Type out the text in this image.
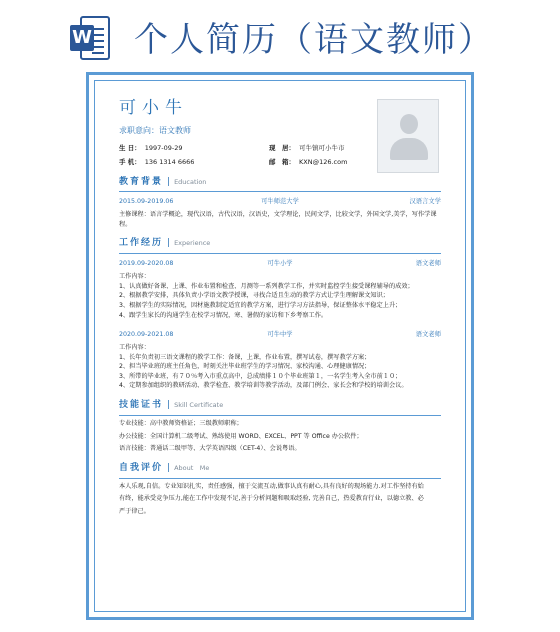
W 个人简历（语文教师）
可小牛
求职意向：语文教师
生 日： 1997-09-29	现　居： 可牛镇可小牛市
手 机： 136 1314 6666	邮　箱： KXN@126.com
教育背景 | Education
2015.09-2019.06	可牛师范大学	汉语言文学
主修课程：语言学概论，现代汉语，古代汉语，汉语史，文学理论，民间文学，比较文学，外国文学,美学，写作学课程。
工作经历 | Experience
2019.09-2020.08	可牛小学	语文老师
工作内容：
1、认真做好备课、上课、作业布置和检查、月测等一系列教学工作，并实时监控学生接受课程辅导的成效；
2、根据教学安排，具体负责小学语文教学授课，寻找合适且生动的教学方式让学生理解课文知识；
3、根据学生的实际情况，因材施教制定适宜的教学方案，进行学习方法指导，保证整体水平稳定上升；
4、跟学生家长的沟通学生在校学习情况，寒、暑假的家访和下乡考察工作。
2020.09-2021.08	可牛中学	语文老师
工作内容：
1、长年负责初三语文课程的教学工作：备课，上课，作业布置，撰写试卷，撰写教学方案；
2、担当毕业班的班主任角色，时刻关注毕业班学生的学习情况、家校沟通、心理健康情况；
3、所带的毕业班，有７０％考入市重点高中，总成绩排１０个毕业班第１，一名学生考入全市前１０；
4、定期参加组织的教研活动、教学检查、教学培训等教学活动，及部门例会、家长会和学校的培训会议。
技能证书 | Skill Certificate
专业技能：高中教师资格证；三级教师职称；
办公技能：全国计算机二级考试、熟练使用 WORD、EXCEL、PPT 等 Office 办公软件；
语言技能：普通话二级甲等、大学英语四级（CET-4）、会说粤语。
自我评价 | About　Me
本人乐观,自信。专业知识扎实，责任感强，擅于交流互动,做事认真有耐心,具有良好的现场能力.对工作坚持有始
有终，能承受竞争压力,能在工作中发现不足,善于分析问题和吸取经验, 完善自己，热爱教育行业，以德立教、必
严于律己。
